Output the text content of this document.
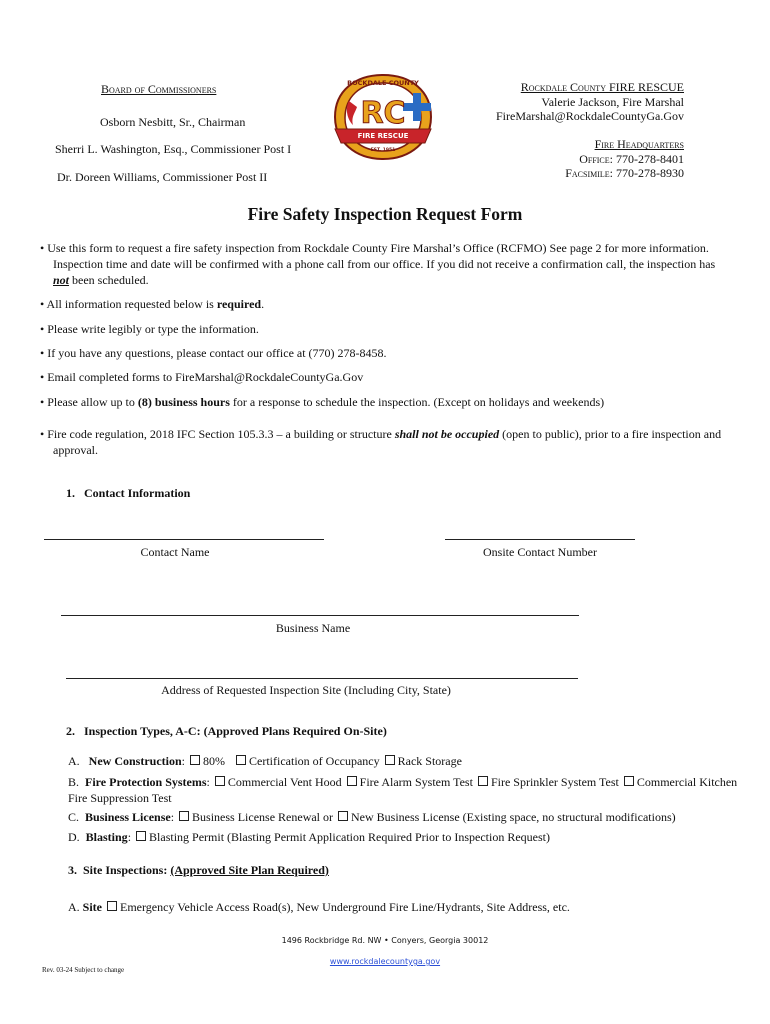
Board of Commissioners
Osborn Nesbitt, Sr., Chairman
Sherri L. Washington, Esq., Commissioner Post I
Dr. Doreen Williams, Commissioner Post II
RC
ROCKDALE COUNTY
FIRE RESCUE
EST. 1951
Rockdale County FIRE RESCUE
Valerie Jackson, Fire Marshal
FireMarshal@RockdaleCountyGa.Gov
Fire Headquarters
Office: 770-278-8401
Facsimile: 770-278-8930
Fire Safety Inspection Request Form
• Use this form to request a fire safety inspection from Rockdale County Fire Marshal’s Office (RCFMO) See page 2 for more information. Inspection time and date will be confirmed with a phone call from our office. If you did not receive a confirmation call, the inspection has not been scheduled.
• All information requested below is required.
• Please write legibly or type the information.
• If you have any questions, please contact our office at (770) 278-8458.
• Email completed forms to FireMarshal@RockdaleCountyGa.Gov
• Please allow up to (8) business hours for a response to schedule the inspection. (Except on holidays and weekends)
• Fire code regulation, 2018 IFC Section 105.3.3 – a building or structure shall not be occupied (open to public), prior to a fire inspection and approval.
1. Contact Information
Contact Name	Onsite Contact Number
Business Name
Address of Requested Inspection Site (Including City, State)
2. Inspection Types, A-C: (Approved Plans Required On-Site)
A. New Construction: 80% Certification of Occupancy Rack Storage
B. Fire Protection Systems: Commercial Vent Hood Fire Alarm System Test Fire Sprinkler System Test Commercial Kitchen Fire Suppression Test
C. Business License: Business License Renewal or New Business License (Existing space, no structural modifications)
D. Blasting: Blasting Permit (Blasting Permit Application Required Prior to Inspection Request)
3. Site Inspections: (Approved Site Plan Required)
A. Site Emergency Vehicle Access Road(s), New Underground Fire Line/Hydrants, Site Address, etc.
1496 Rockbridge Rd. NW • Conyers, Georgia 30012
www.rockdalecountyga.gov
Rev. 03-24 Subject to change
